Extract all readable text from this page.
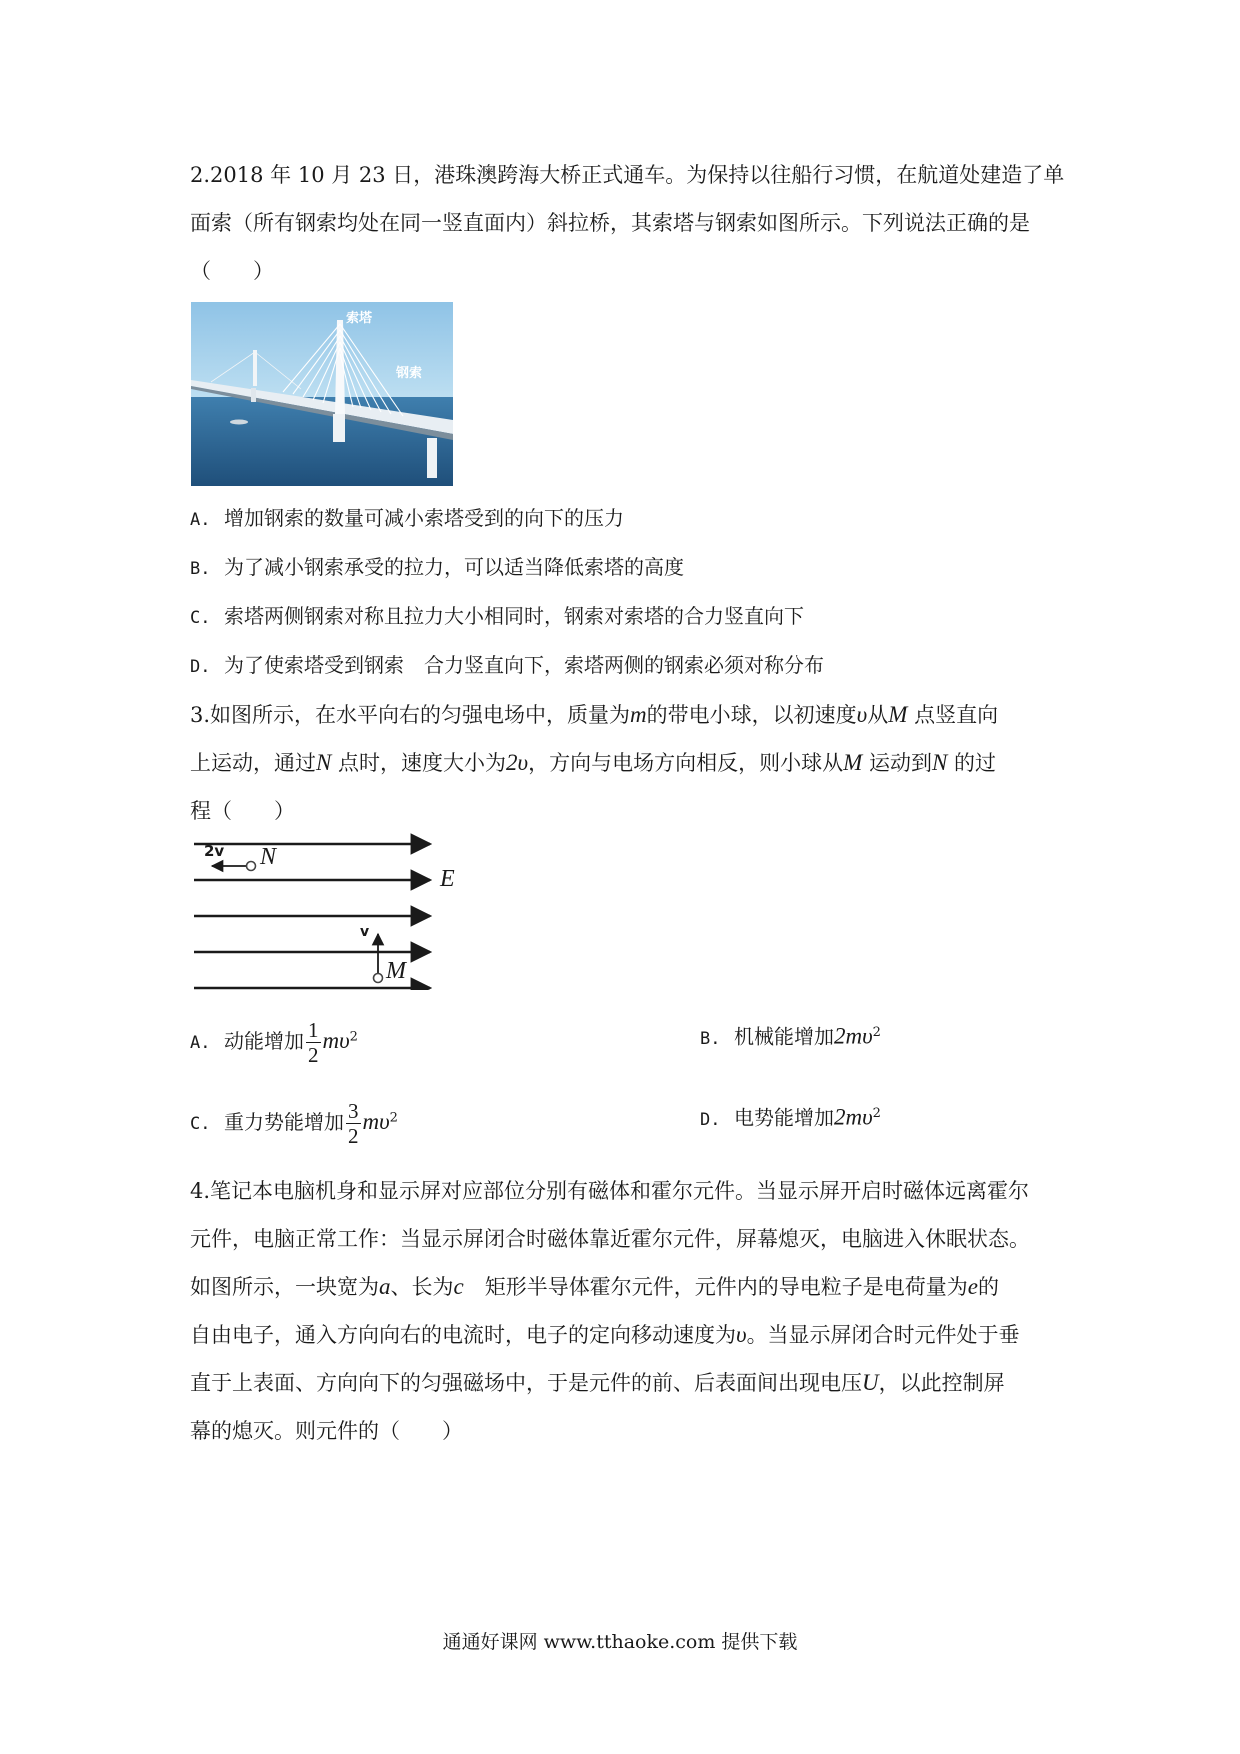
2.2018 年 10 月 23 日，港珠澳跨海大桥正式通车。为保持以往船行习惯，在航道处建造了单
面索（所有钢索均处在同一竖直面内）斜拉桥，其索塔与钢索如图所示。下列说法正确的是
（　　）
索塔
钢索
A. 增加钢索的数量可减小索塔受到的向下的压力
B. 为了减小钢索承受的拉力，可以适当降低索塔的高度
C. 索塔两侧钢索对称且拉力大小相同时，钢索对索塔的合力竖直向下
D. 为了使索塔受到钢索　合力竖直向下，索塔两侧的钢索必须对称分布
3.如图所示，在水平向右的匀强电场中，质量为m的带电小球，以初速度υ从M 点竖直向
上运动，通过N 点时，速度大小为2υ，方向与电场方向相反，则小球从M 运动到N 的过
程（　　）
2v N
E
v
M
A. 动能增加 $\frac{1}{2} m\upsilon^2$	B. 机械能增加$2m\upsilon^2$
C. 重力势能增加 $\frac{3}{2} m\upsilon^2$	D. 电势能增加$2m\upsilon^2$
4.笔记本电脑机身和显示屏对应部位分别有磁体和霍尔元件。当显示屏开启时磁体远离霍尔
元件，电脑正常工作：当显示屏闭合时磁体靠近霍尔元件，屏幕熄灭，电脑进入休眠状态。
如图所示，一块宽为a、长为c　矩形半导体霍尔元件，元件内的导电粒子是电荷量为e的
自由电子，通入方向向右的电流时，电子的定向移动速度为υ。当显示屏闭合时元件处于垂
直于上表面、方向向下的匀强磁场中，于是元件的前、后表面间出现电压U，以此控制屏
幕的熄灭。则元件的（　　）
通通好课网 www.tthaoke.com 提供下载
